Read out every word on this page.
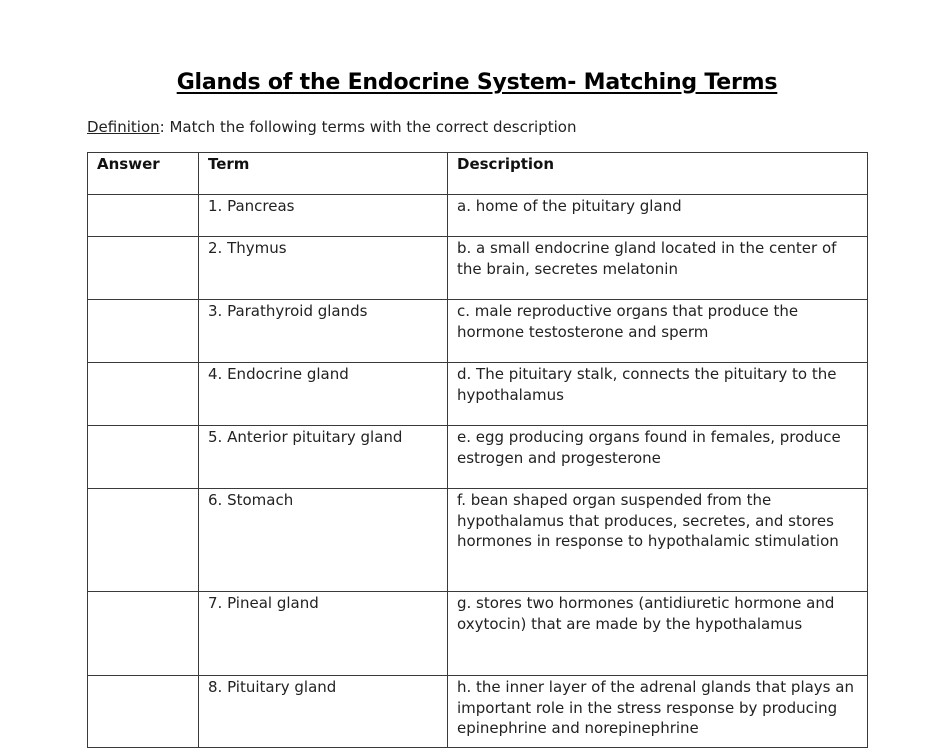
Glands of the Endocrine System- Matching Terms
Definition: Match the following terms with the correct description
Answer	Term	Description
	1. Pancreas	a. home of the pituitary gland
	2. Thymus	b. a small endocrine gland located in the center of the brain, secretes melatonin
	3. Parathyroid glands	c. male reproductive organs that produce the hormone testosterone and sperm
	4. Endocrine gland	d. The pituitary stalk, connects the pituitary to the hypothalamus
	5. Anterior pituitary gland	e. egg producing organs found in females, produce estrogen and progesterone
	6. Stomach	f. bean shaped organ suspended from the hypothalamus that produces, secretes, and stores hormones in response to hypothalamic stimulation
	7. Pineal gland	g. stores two hormones (antidiuretic hormone and oxytocin) that are made by the hypothalamus
	8. Pituitary gland	h. the inner layer of the adrenal glands that plays an important role in the stress response by producing epinephrine and norepinephrine
